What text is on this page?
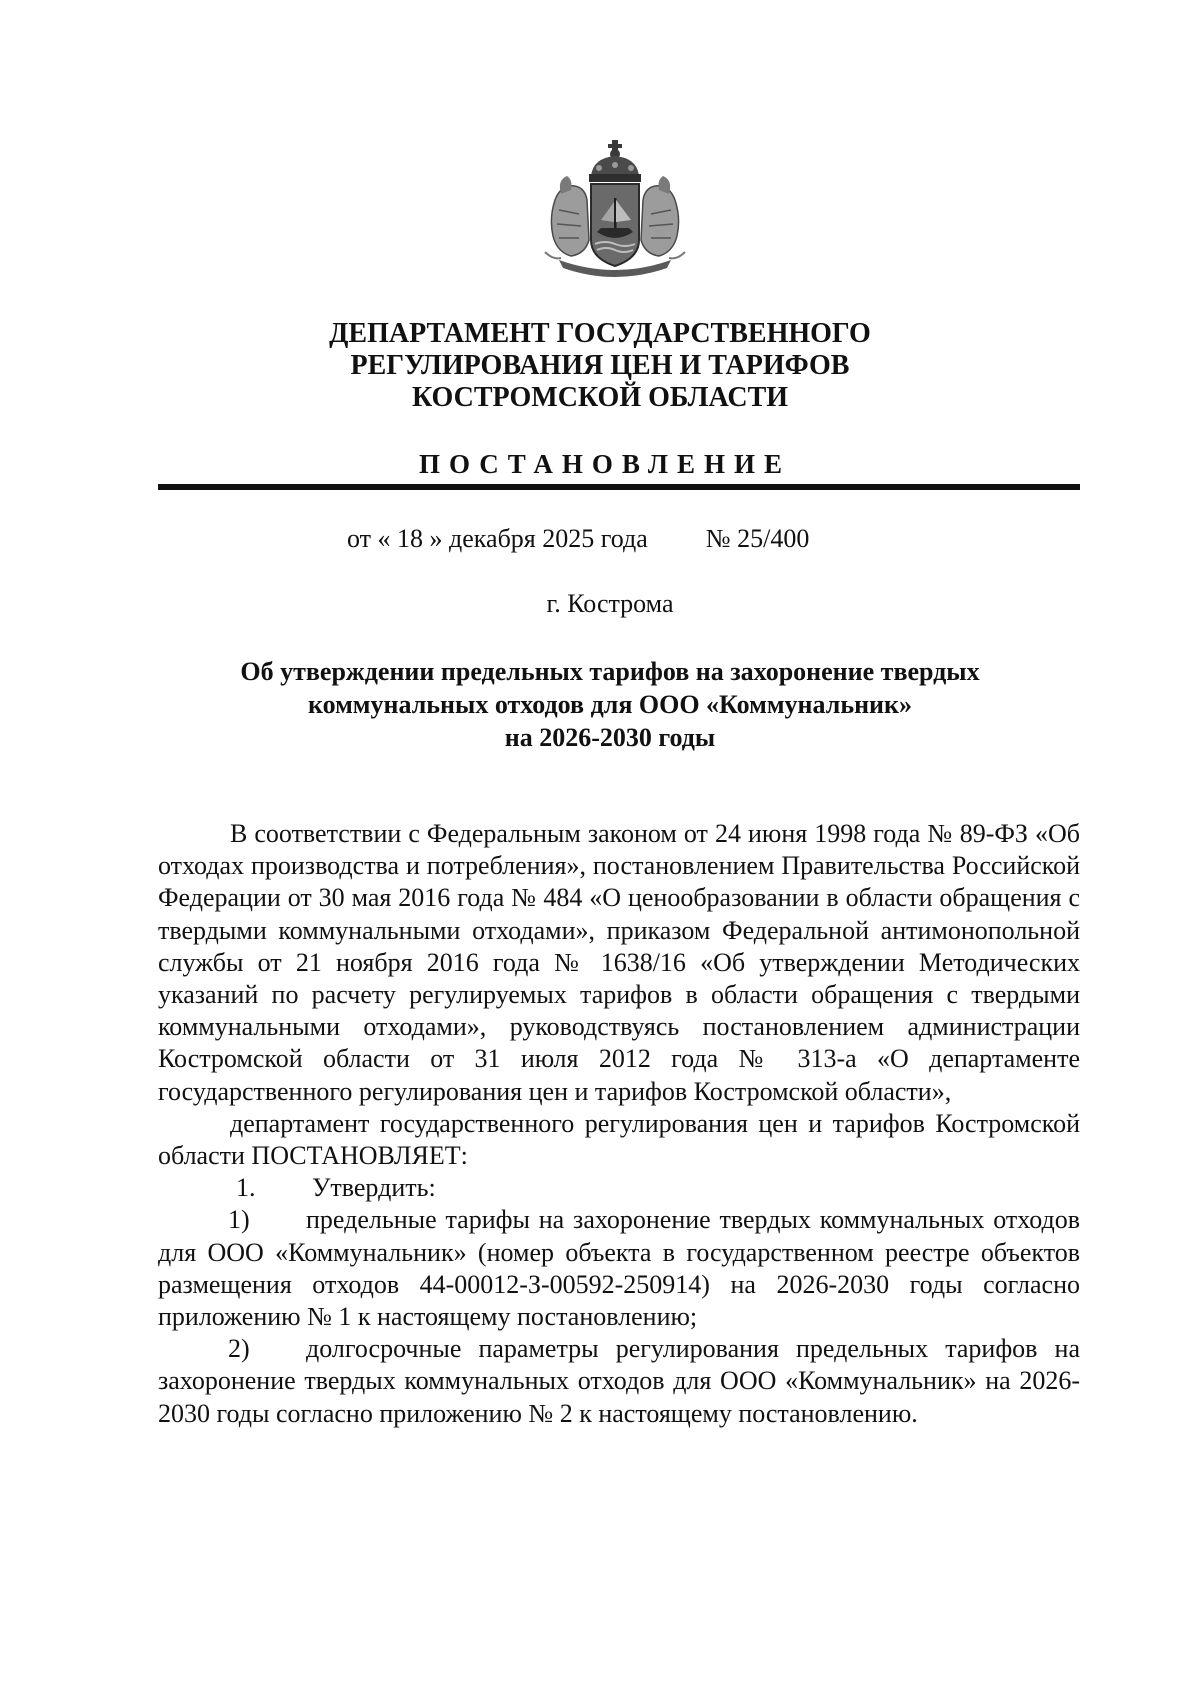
ДЕПАРТАМЕНТ ГОСУДАРСТВЕННОГО
РЕГУЛИРОВАНИЯ ЦЕН И ТАРИФОВ
КОСТРОМСКОЙ ОБЛАСТИ
ПОСТАНОВЛЕНИЕ
от « 18 » декабря 2025 года № 25/400
г. Кострома
Об утверждении предельных тарифов на захоронение твердых
коммунальных отходов для ООО «Коммунальник»
на 2026-2030 годы

В соответствии с Федеральным законом от 24 июня 1998 года № 89-ФЗ «Об отходах производства и потребления», постановлением Правительства Российской Федерации от 30 мая 2016 года № 484 «О ценообразовании в области обращения с твердыми коммунальными отходами», приказом Федеральной антимонопольной службы от 21 ноября 2016 года № 1638/16 «Об утверждении Методических указаний по расчету регулируемых тарифов в области обращения с твердыми коммунальными отходами», руководствуясь постановлением администрации Костромской области от 31 июля 2012 года № 313-а «О департаменте государственного регулирования цен и тарифов Костромской области»,

департамент государственного регулирования цен и тарифов Костромской области ПОСТАНОВЛЯЕТ:

1. Утвердить:

1) предельные тарифы на захоронение твердых коммунальных отходов для ООО «Коммунальник» (номер объекта в государственном реестре объектов размещения отходов 44-00012-З-00592-250914) на 2026-2030 годы согласно приложению № 1 к настоящему постановлению;

2) долгосрочные параметры регулирования предельных тарифов на захоронение твердых коммунальных отходов для ООО «Коммунальник» на 2026-2030 годы согласно приложению № 2 к настоящему постановлению.
